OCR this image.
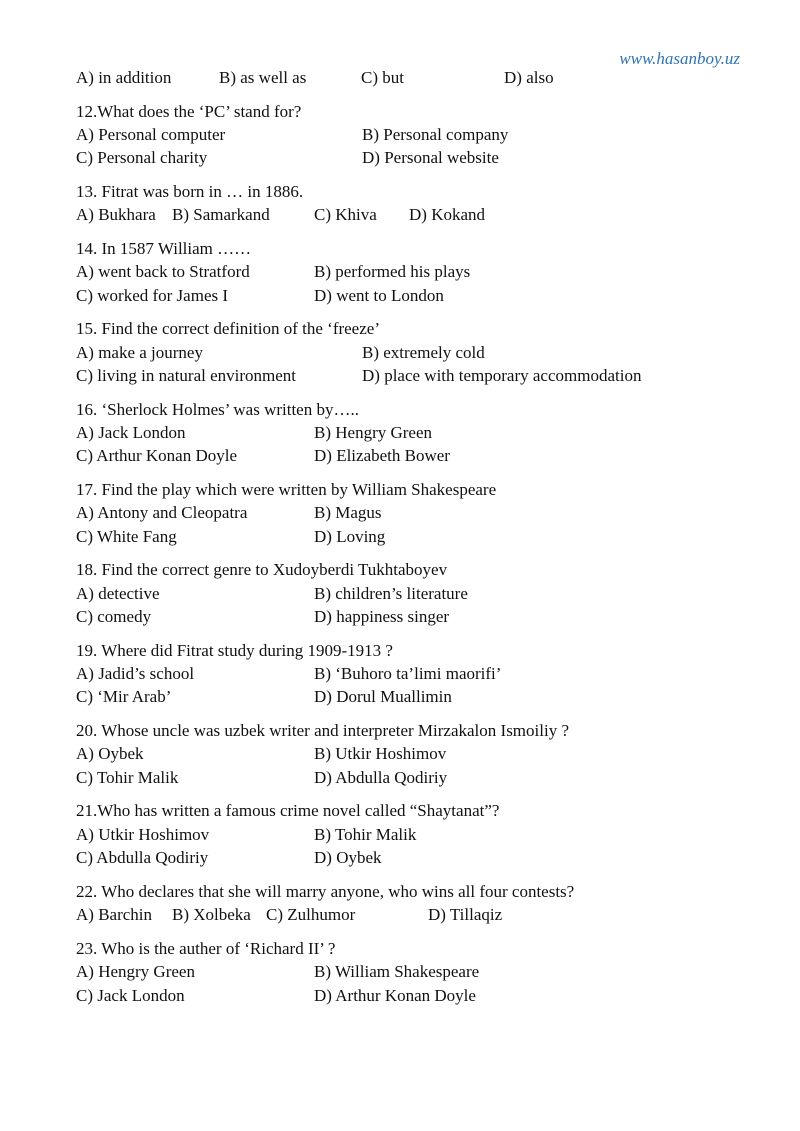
www.hasanboy.uz
A) in addition	B) as well as	C) but	D) also
12.What does the ‘PC’ stand for?
A) Personal computer	B) Personal company
C) Personal charity	D) Personal website
13. Fitrat was born in … in 1886.
A) Bukhara B) Samarkand	C) Khiva D) Kokand
14. In 1587 William ……
A) went back to Stratford	B) performed his plays
C) worked for James I	D) went to London
15. Find the correct definition of the ‘freeze’
A) make a journey	B) extremely cold
C) living in natural environment	D) place with temporary accommodation
16. ‘Sherlock Holmes’ was written by…..
A) Jack London	B) Hengry Green
C) Arthur Konan Doyle	D) Elizabeth Bower
17. Find the play which were written by William Shakespeare
A) Antony and Cleopatra	B) Magus
C) White Fang	D) Loving
18. Find the correct genre to Xudoyberdi Tukhtaboyev
A) detective	B) children’s literature
C) comedy	D) happiness singer
19. Where did Fitrat study during 1909-1913 ?
A) Jadid’s school	B) ‘Buhoro ta’limi maorifi’
C) ‘Mir Arab’	D) Dorul Muallimin
20. Whose uncle was uzbek writer and interpreter Mirzakalon Ismoiliy ?
A) Oybek	B) Utkir Hoshimov
C) Tohir Malik	D) Abdulla Qodiriy
21.Who has written a famous crime novel called “Shaytanat”?
A) Utkir Hoshimov	B) Tohir Malik
C) Abdulla Qodiriy	D) Oybek
22. Who declares that she will marry anyone, who wins all four contests?
A) Barchin B) Xolbeka C) Zulhumor	D) Tillaqiz
23. Who is the auther of ‘Richard II’ ?
A) Hengry Green	B) William Shakespeare
C) Jack London	D) Arthur Konan Doyle
